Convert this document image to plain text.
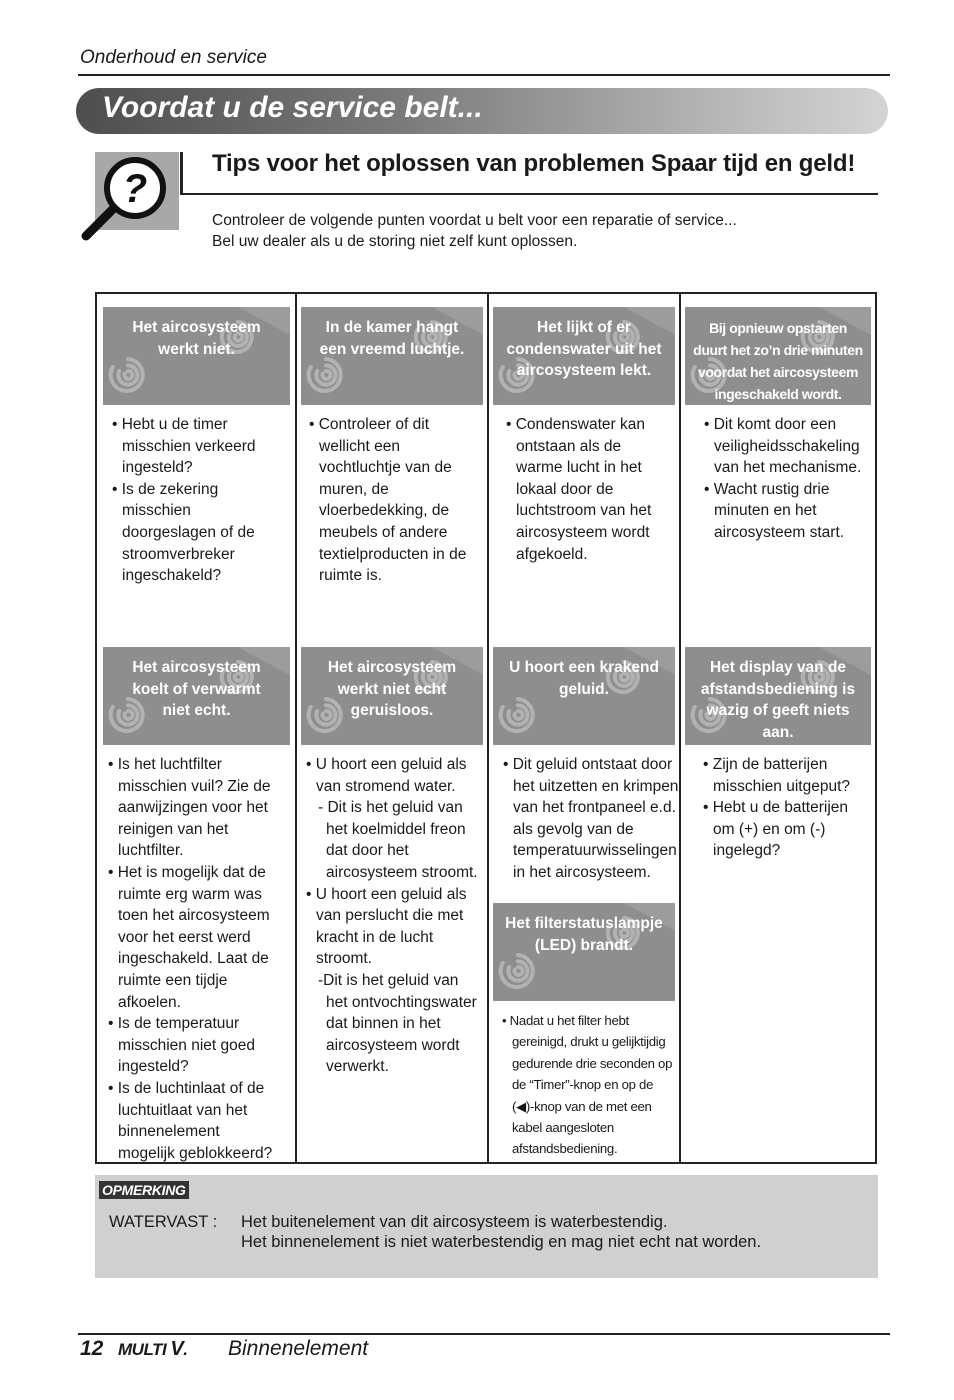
Onderhoud en service
Voordat u de service belt...
?
Tips voor het oplossen van problemen Spaar tijd en geld!
Controleer de volgende punten voordat u belt voor een reparatie of service...
Bel uw dealer als u de storing niet zelf kunt oplossen.
Het aircosysteem
werkt niet.
In de kamer hangt
een vreemd luchtje.
Het lijkt of er
condenswater uit het
aircosysteem lekt.
Bij opnieuw opstarten
duurt het zo’n drie minuten
voordat het aircosysteem
ingeschakeld wordt.
• Hebt u de timer
misschien verkeerd
ingesteld?
• Is de zekering
misschien
doorgeslagen of de
stroomverbreker
ingeschakeld?
• Controleer of dit
wellicht een
vochtluchtje van de
muren, de
vloerbedekking, de
meubels of andere
textielproducten in de
ruimte is.
• Condenswater kan
ontstaan als de
warme lucht in het
lokaal door de
luchtstroom van het
aircosysteem wordt
afgekoeld.
• Dit komt door een
veiligheidsschakeling
van het mechanisme.
• Wacht rustig drie
minuten en het
aircosysteem start.
Het aircosysteem
koelt of verwarmt
niet echt.
Het aircosysteem
werkt niet echt
geruisloos.
U hoort een krakend
geluid.
Het display van de
afstandsbediening is
wazig of geeft niets
aan.
• Is het luchtfilter
misschien vuil? Zie de
aanwijzingen voor het
reinigen van het
luchtfilter.
• Het is mogelijk dat de
ruimte erg warm was
toen het aircosysteem
voor het eerst werd
ingeschakeld. Laat de
ruimte een tijdje
afkoelen.
• Is de temperatuur
misschien niet goed
ingesteld?
• Is de luchtinlaat of de
luchtuitlaat van het
binnenelement
mogelijk geblokkeerd?
• U hoort een geluid als
van stromend water.
- Dit is het geluid van
het koelmiddel freon
dat door het
aircosysteem stroomt.
• U hoort een geluid als
van perslucht die met
kracht in de lucht
stroomt.
-Dit is het geluid van
het ontvochtingswater
dat binnen in het
aircosysteem wordt
verwerkt.
• Dit geluid ontstaat door
het uitzetten en krimpen
van het frontpaneel e.d.
als gevolg van de
temperatuurwisselingen
in het aircosysteem.
• Zijn de batterijen
misschien uitgeput?
• Hebt u de batterijen
om (+) en om (-)
ingelegd?
Het filterstatuslampje
(LED) brandt.
• Nadat u het filter hebt
gereinigd, drukt u gelijktijdig
gedurende drie seconden op
de “Timer”-knop en op de
(◀)-knop van de met een
kabel aangesloten
afstandsbediening.
OPMERKING
WATERVAST : Het buitenelement van dit aircosysteem is waterbestendig.
Het binnenelement is niet waterbestendig en mag niet echt nat worden.
12 MULTI V. Binnenelement
